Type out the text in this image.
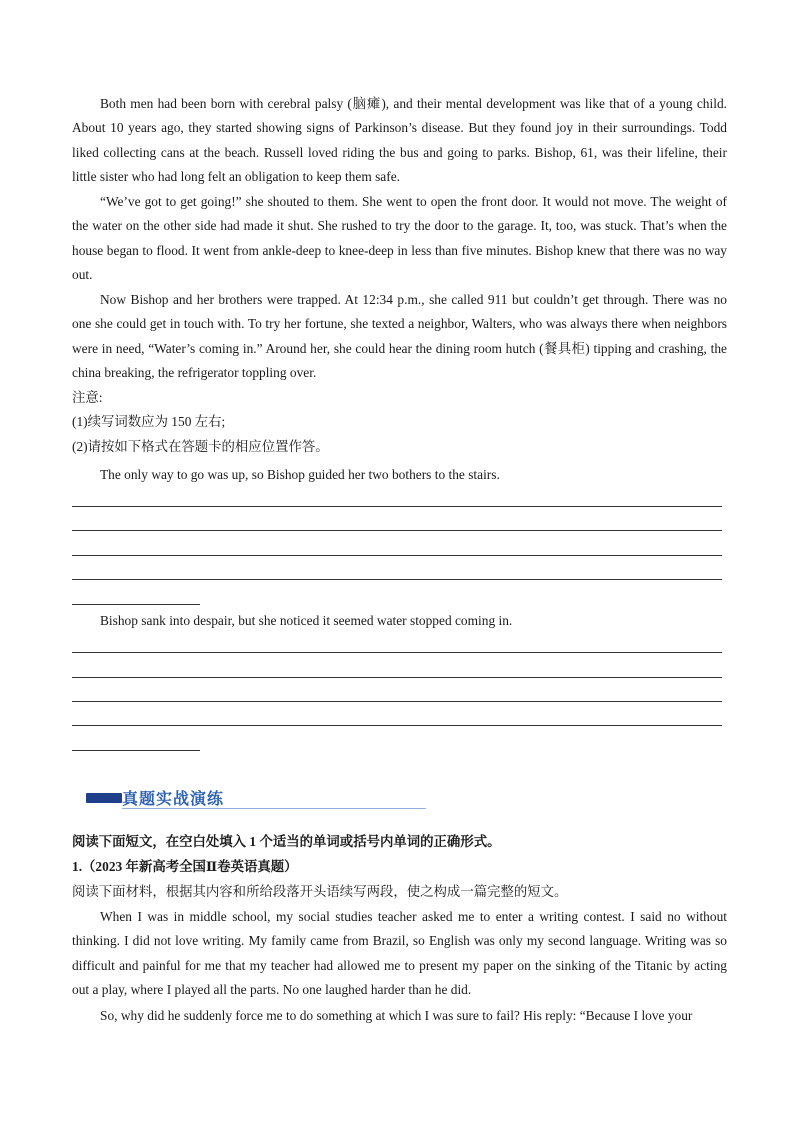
Both men had been born with cerebral palsy (脑瘫), and their mental development was like that of a young child. About 10 years ago, they started showing signs of Parkinson’s disease. But they found joy in their surroundings. Todd liked collecting cans at the beach. Russell loved riding the bus and going to parks. Bishop, 61, was their lifeline, their little sister who had long felt an obligation to keep them safe.

“We’ve got to get going!” she shouted to them. She went to open the front door. It would not move. The weight of the water on the other side had made it shut. She rushed to try the door to the garage. It, too, was stuck. That’s when the house began to flood. It went from ankle-deep to knee-deep in less than five minutes. Bishop knew that there was no way out.

Now Bishop and her brothers were trapped. At 12:34 p.m., she called 911 but couldn’t get through. There was no one she could get in touch with. To try her fortune, she texted a neighbor, Walters, who was always there when neighbors were in need, “Water’s coming in.” Around her, she could hear the dining room hutch (餐具柜) tipping and crashing, the china breaking, the refrigerator toppling over.

注意:

(1)续写词数应为 150 左右;

(2)请按如下格式在答题卡的相应位置作答。

The only way to go was up, so Bishop guided her two bothers to the stairs.

Bishop sank into despair, but she noticed it seemed water stopped coming in.

真题实战演练

阅读下面短文，在空白处填入 1 个适当的单词或括号内单词的正确形式。

1.（2023 年新高考全国Ⅱ卷英语真题）

阅读下面材料，根据其内容和所给段落开头语续写两段，使之构成一篇完整的短文。

When I was in middle school, my social studies teacher asked me to enter a writing contest. I said no without thinking. I did not love writing. My family came from Brazil, so English was only my second language. Writing was so difficult and painful for me that my teacher had allowed me to present my paper on the sinking of the Titanic by acting out a play, where I played all the parts. No one laughed harder than he did.

So, why did he suddenly force me to do something at which I was sure to fail? His reply: “Because I love your
